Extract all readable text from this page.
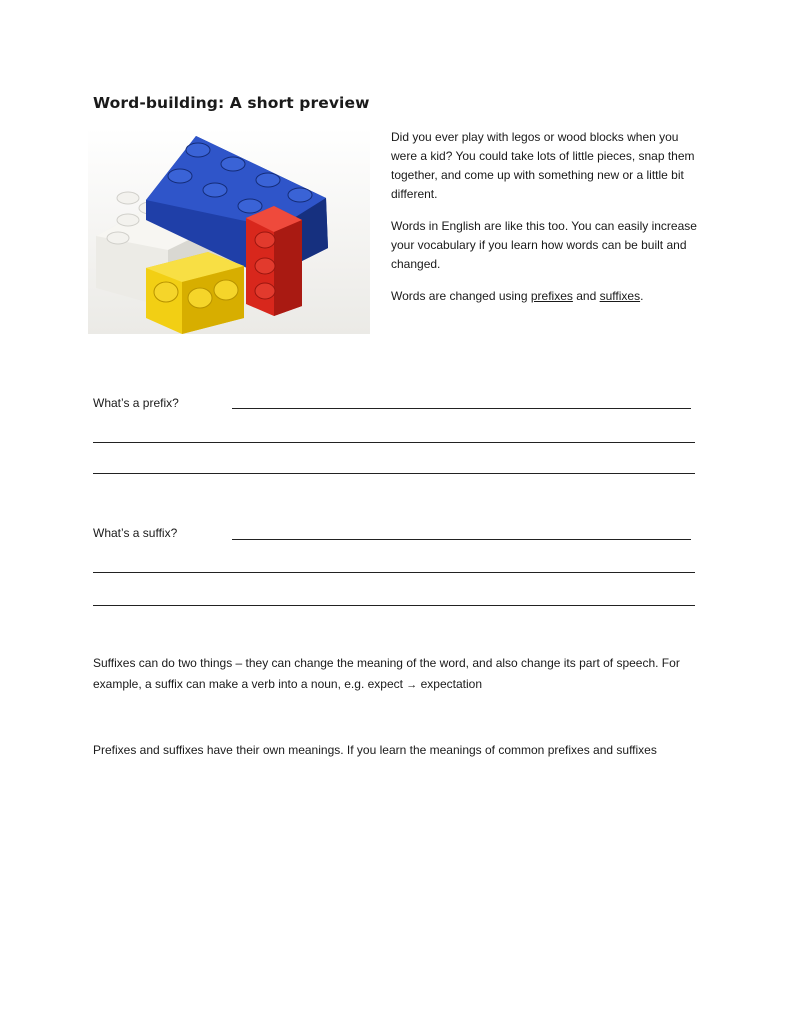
Word-building: A short preview

Did you ever play with legos or wood blocks when you were a kid? You could take lots of little pieces, snap them together, and come up with something new or a little bit different.

Words in English are like this too. You can easily increase your vocabulary if you learn how words can be built and changed.

Words are changed using prefixes and suffixes.

What’s a prefix?
What’s a suffix?

Suffixes can do two things – they can change the meaning of the word, and also change its part of speech. For example, a suffix can make a verb into a noun, e.g. expect → expectation

Prefixes and suffixes have their own meanings. If you learn the meanings of common prefixes and suffixes
